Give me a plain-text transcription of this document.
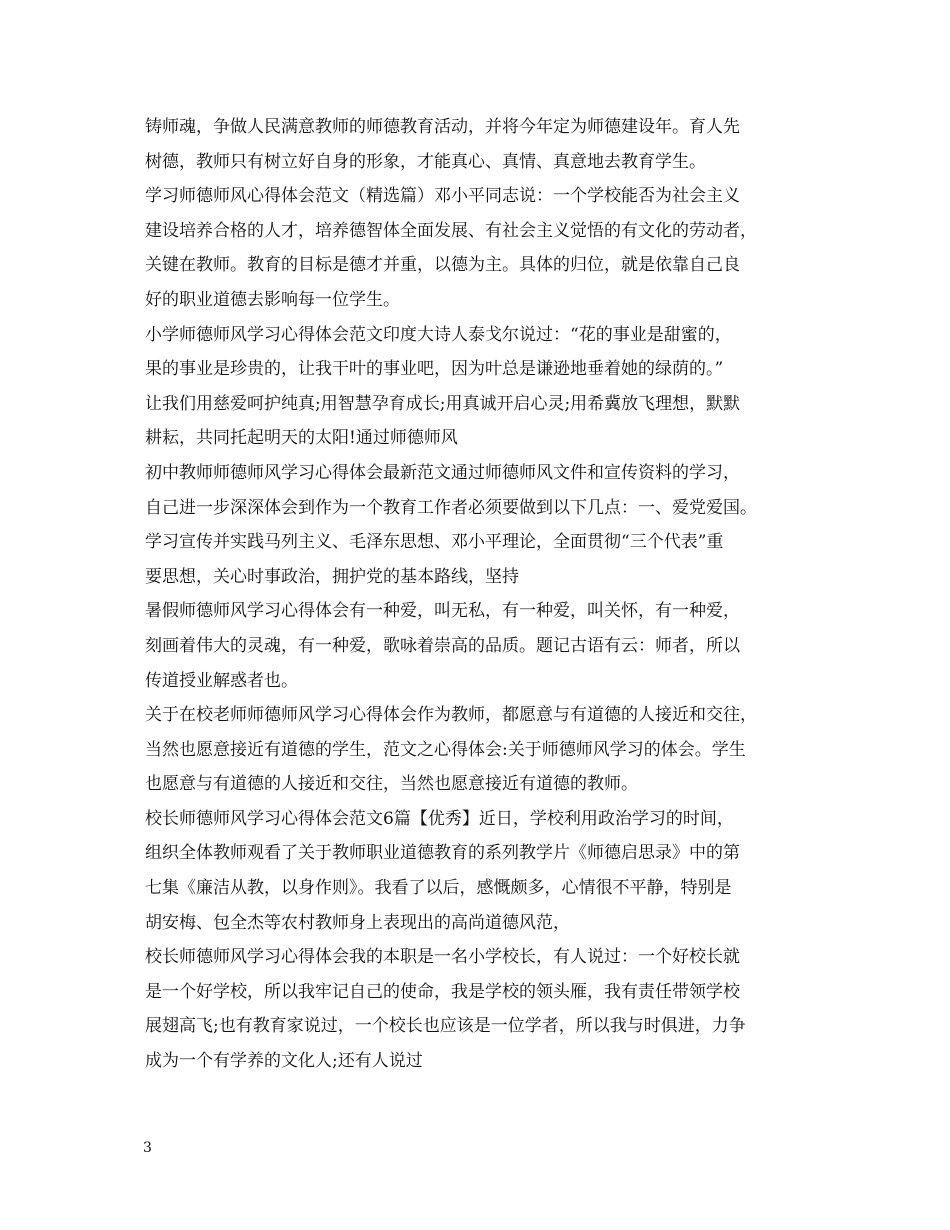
铸师魂，争做人民满意教师的师德教育活动，并将今年定为师德建设年。育人先
树德，教师只有树立好自身的形象，才能真心、真情、真意地去教育学生。
学习师德师风心得体会范文（精选篇）邓小平同志说：一个学校能否为社会主义
建设培养合格的人才，培养德智体全面发展、有社会主义觉悟的有文化的劳动者，
关键在教师。教育的目标是德才并重，以德为主。具体的归位，就是依靠自己良
好的职业道德去影响每一位学生。
小学师德师风学习心得体会范文印度大诗人泰戈尔说过：“花的事业是甜蜜的，
果的事业是珍贵的，让我干叶的事业吧，因为叶总是谦逊地垂着她的绿荫的。”
让我们用慈爱呵护纯真;用智慧孕育成长;用真诚开启心灵;用希冀放飞理想，默默
耕耘，共同托起明天的太阳!通过师德师风
初中教师师德师风学习心得体会最新范文通过师德师风文件和宣传资料的学习，
自己进一步深深体会到作为一个教育工作者必须要做到以下几点：一、爱党爱国。
学习宣传并实践马列主义、毛泽东思想、邓小平理论，全面贯彻“三个代表”重
要思想，关心时事政治，拥护党的基本路线，坚持
暑假师德师风学习心得体会有一种爱，叫无私，有一种爱，叫关怀，有一种爱，
刻画着伟大的灵魂，有一种爱，歌咏着崇高的品质。题记古语有云：师者，所以
传道授业解惑者也。
关于在校老师师德师风学习心得体会作为教师，都愿意与有道德的人接近和交往，
当然也愿意接近有道德的学生，范文之心得体会:关于师德师风学习的体会。学生
也愿意与有道德的人接近和交往，当然也愿意接近有道德的教师。
校长师德师风学习心得体会范文6篇【优秀】近日，学校利用政治学习的时间，
组织全体教师观看了关于教师职业道德教育的系列教学片《师德启思录》中的第
七集《廉洁从教，以身作则》。我看了以后，感慨颇多，心情很不平静，特别是
胡安梅、包全杰等农村教师身上表现出的高尚道德风范，
校长师德师风学习心得体会我的本职是一名小学校长，有人说过：一个好校长就
是一个好学校，所以我牢记自己的使命，我是学校的领头雁，我有责任带领学校
展翅高飞;也有教育家说过，一个校长也应该是一位学者，所以我与时俱进，力争
成为一个有学养的文化人;还有人说过
3
